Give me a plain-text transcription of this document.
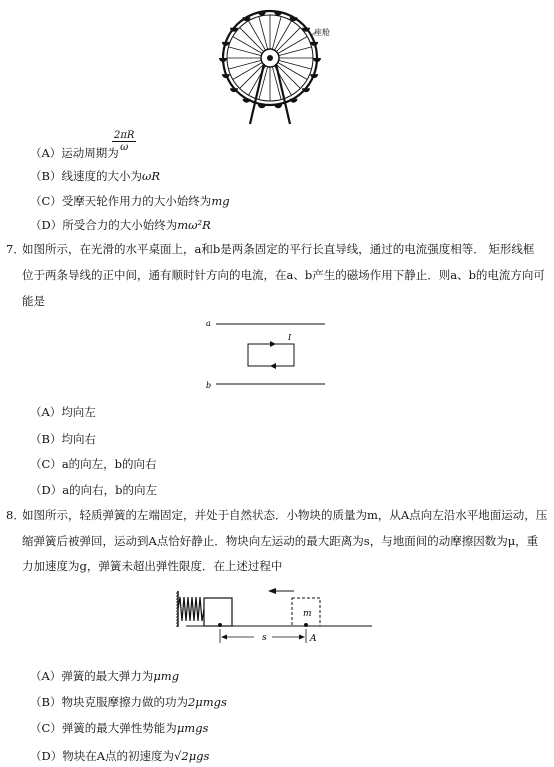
座舱
（A）运动周期为
$\frac{2\pi R}{\omega}$
（B）线速度的大小为ωR
（C）受摩天轮作用力的大小始终为mg
（D）所受合力的大小始终为mω²R
7．
如图所示，在光滑的水平桌面上，a和b是两条固定的平行长直导线，通过的电流强度相等． 矩形线框
位于两条导线的正中间，通有顺时针方向的电流，在a、b产生的磁场作用下静止．则a、b的电流方向可
能是
a
b
I
（A）均向左
（B）均向右
（C）a的向左，b的向右
（D）a的向右，b的向左
8．
如图所示，轻质弹簧的左端固定，并处于自然状态．小物块的质量为m，从A点向左沿水平地面运动，压
缩弹簧后被弹回，运动到A点恰好静止．物块向左运动的最大距离为s，与地面间的动摩擦因数为μ，重
力加速度为g，弹簧未超出弹性限度．在上述过程中
m
s	A
（A）弹簧的最大弹力为μmg
（B）物块克服摩擦力做的功为2μmgs
（C）弹簧的最大弹性势能为μmgs
（D）物块在A点的初速度为√2μgs
